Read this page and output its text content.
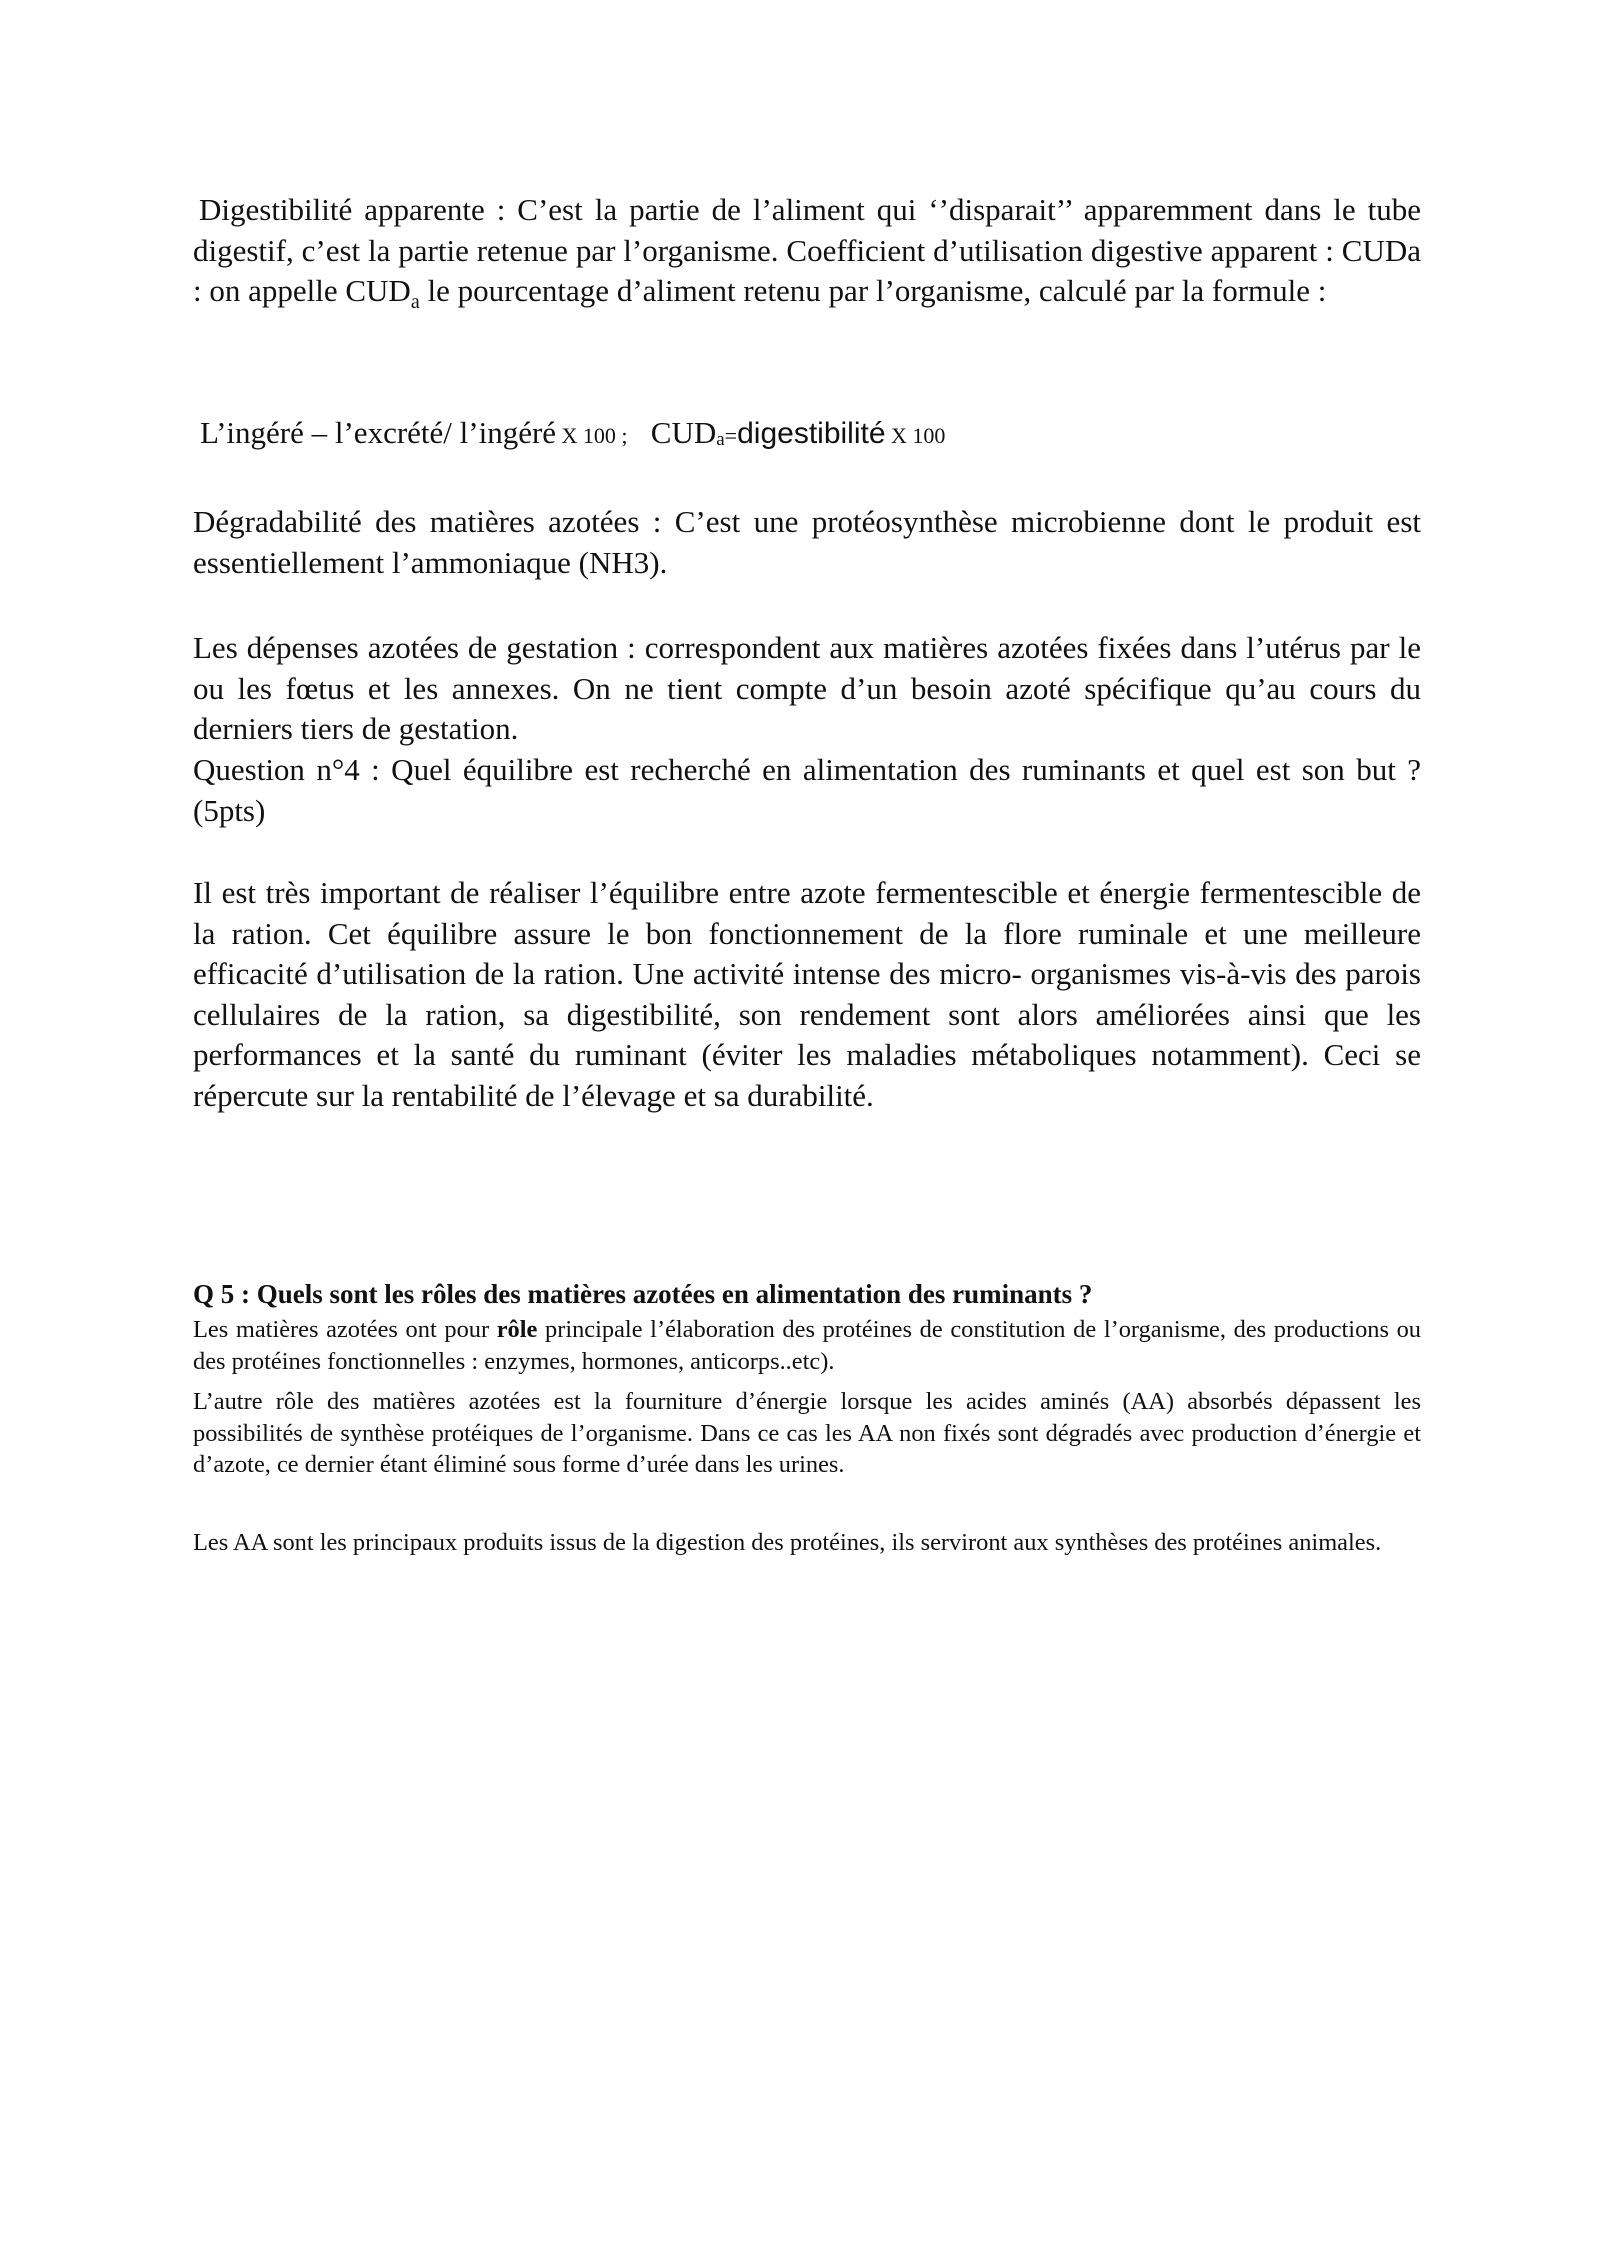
Digestibilité apparente : C’est la partie de l’aliment qui ‘’disparait’’ apparemment dans le tube digestif, c’est la partie retenue par l’organisme. Coefficient d’utilisation digestive apparent : CUDa : on appelle $CUD_a$ le pourcentage d’aliment retenu par l’organisme, calculé par la formule :

L’ingéré – l’excrété/ l’ingéré X 100 ; CUDa=digestibilité X 100

Dégradabilité des matières azotées : C’est une protéosynthèse microbienne dont le produit est essentiellement l’ammoniaque (NH3).

Les dépenses azotées de gestation : correspondent aux matières azotées fixées dans l’utérus par le ou les fœtus et les annexes. On ne tient compte d’un besoin azoté spécifique qu’au cours du derniers tiers de gestation.

Question n°4 : Quel équilibre est recherché en alimentation des ruminants et quel est son but ? (5pts)

Il est très important de réaliser l’équilibre entre azote fermentescible et énergie fermentescible de la ration. Cet équilibre assure le bon fonctionnement de la flore ruminale et une meilleure efficacité d’utilisation de la ration. Une activité intense des micro- organismes vis-à-vis des parois cellulaires de la ration, sa digestibilité, son rendement sont alors améliorées ainsi que les performances et la santé du ruminant (éviter les maladies métaboliques notamment). Ceci se répercute sur la rentabilité de l’élevage et sa durabilité.

Q 5 : Quels sont les rôles des matières azotées en alimentation des ruminants ?

Les matières azotées ont pour rôle principale l’élaboration des protéines de constitution de l’organisme, des productions ou des protéines fonctionnelles : enzymes, hormones, anticorps..etc).

L’autre rôle des matières azotées est la fourniture d’énergie lorsque les acides aminés (AA) absorbés dépassent les possibilités de synthèse protéiques de l’organisme. Dans ce cas les AA non fixés sont dégradés avec production d’énergie et d’azote, ce dernier étant éliminé sous forme d’urée dans les urines.

Les AA sont les principaux produits issus de la digestion des protéines, ils serviront aux synthèses des protéines animales.
